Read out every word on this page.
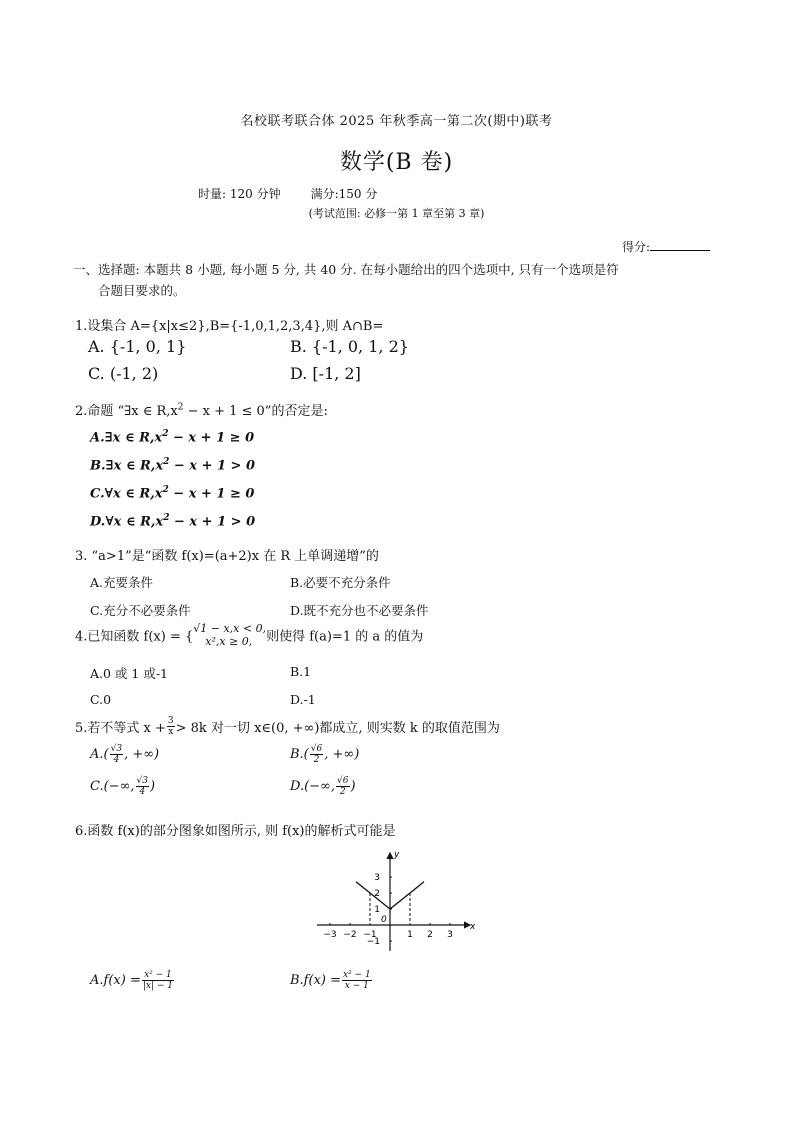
名校联考联合体 2025 年秋季高一第二次(期中)联考
数学(B 卷)
时量: 120 分钟	满分:150 分
(考试范围: 必修一第 1 章至第 3 章)
得分:
一、选择题: 本题共 8 小题, 每小题 5 分, 共 40 分. 在每小题给出的四个选项中, 只有一个选项是符
合题目要求的。
1.设集合 A={x|x≤2},B={-1,0,1,2,3,4},则 A∩B=
A. {-1, 0, 1}	B. {-1, 0, 1, 2}
C. (-1, 2)	D. [-1, 2]
2.命题 “∃x ∈ $R,x^2 - x + 1 \le 0$”的否定是:
A.∃x ∈ $R,x^2 - x + 1 \ge 0$
B.∃x ∈ $R,x^2 - x + 1 > 0$
C.∀x ∈ $R,x^2 - x + 1 \ge 0$
D.∀x ∈ $R,x^2 - x + 1 > 0$
3. “a>1”是“函数 f(x)=(a+2)x 在 R 上单调递增”的
A.充要条件	B.必要不充分条件
C.充分不必要条件	D.既不充分也不必要条件
4.已知函数 f(x) = {
√1 − x,x < 0,
x²,x ≥ 0,	则使得 f(a)=1 的 a 的值为
A.0 或 1 或-1	B.1
C.0	D.-1
5.若不等式 $x + \frac{3}{x} > 8k$ 对一切 x∈(0, +∞)都成立, 则实数 k 的取值范围为
$A.( \frac{√3}{4}$ , +∞)	$B.( \frac{√6}{2}$ , +∞)
C.(−∞, $\frac{√3}{4}$ )	D.(−∞, $\frac{√6}{2}$ )
6.函数 f(x)的部分图象如图所示, 则 f(x)的解析式可能是
x
y
−3 −2 −1
0
1 2 3
3
2
1
−1
$A.f(x) = \frac{\text{x² − 1}}{|x| - 1}$	$B.f(x) = \frac{\text{x² − 1}}{x - 1}$
